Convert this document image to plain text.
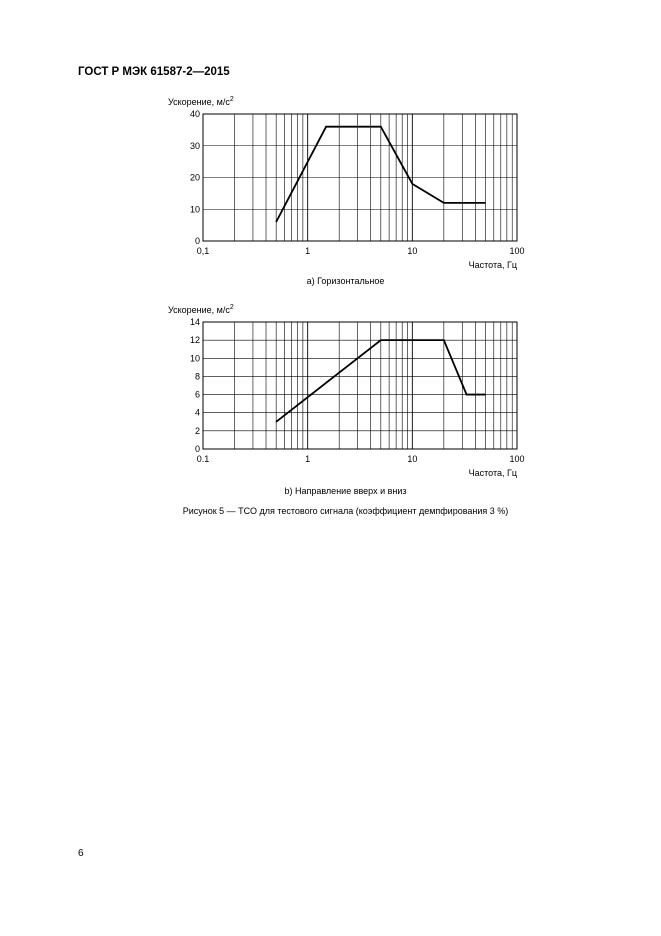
ГОСТ Р МЭК 61587-2—2015
0
10
20
30
40
0,1	1	10	100
Ускорение, $м/с^2$
Частота, Гц
0
2
4
6
8
10
12
14
0.1	1	10	100
Ускорение, $м/с^2$
Частота, Гц
а) Горизонтальное
b) Направление вверх и вниз
Рисунок 5 — ТСО для тестового сигнала (коэффициент демпфирования 3 %)
6
